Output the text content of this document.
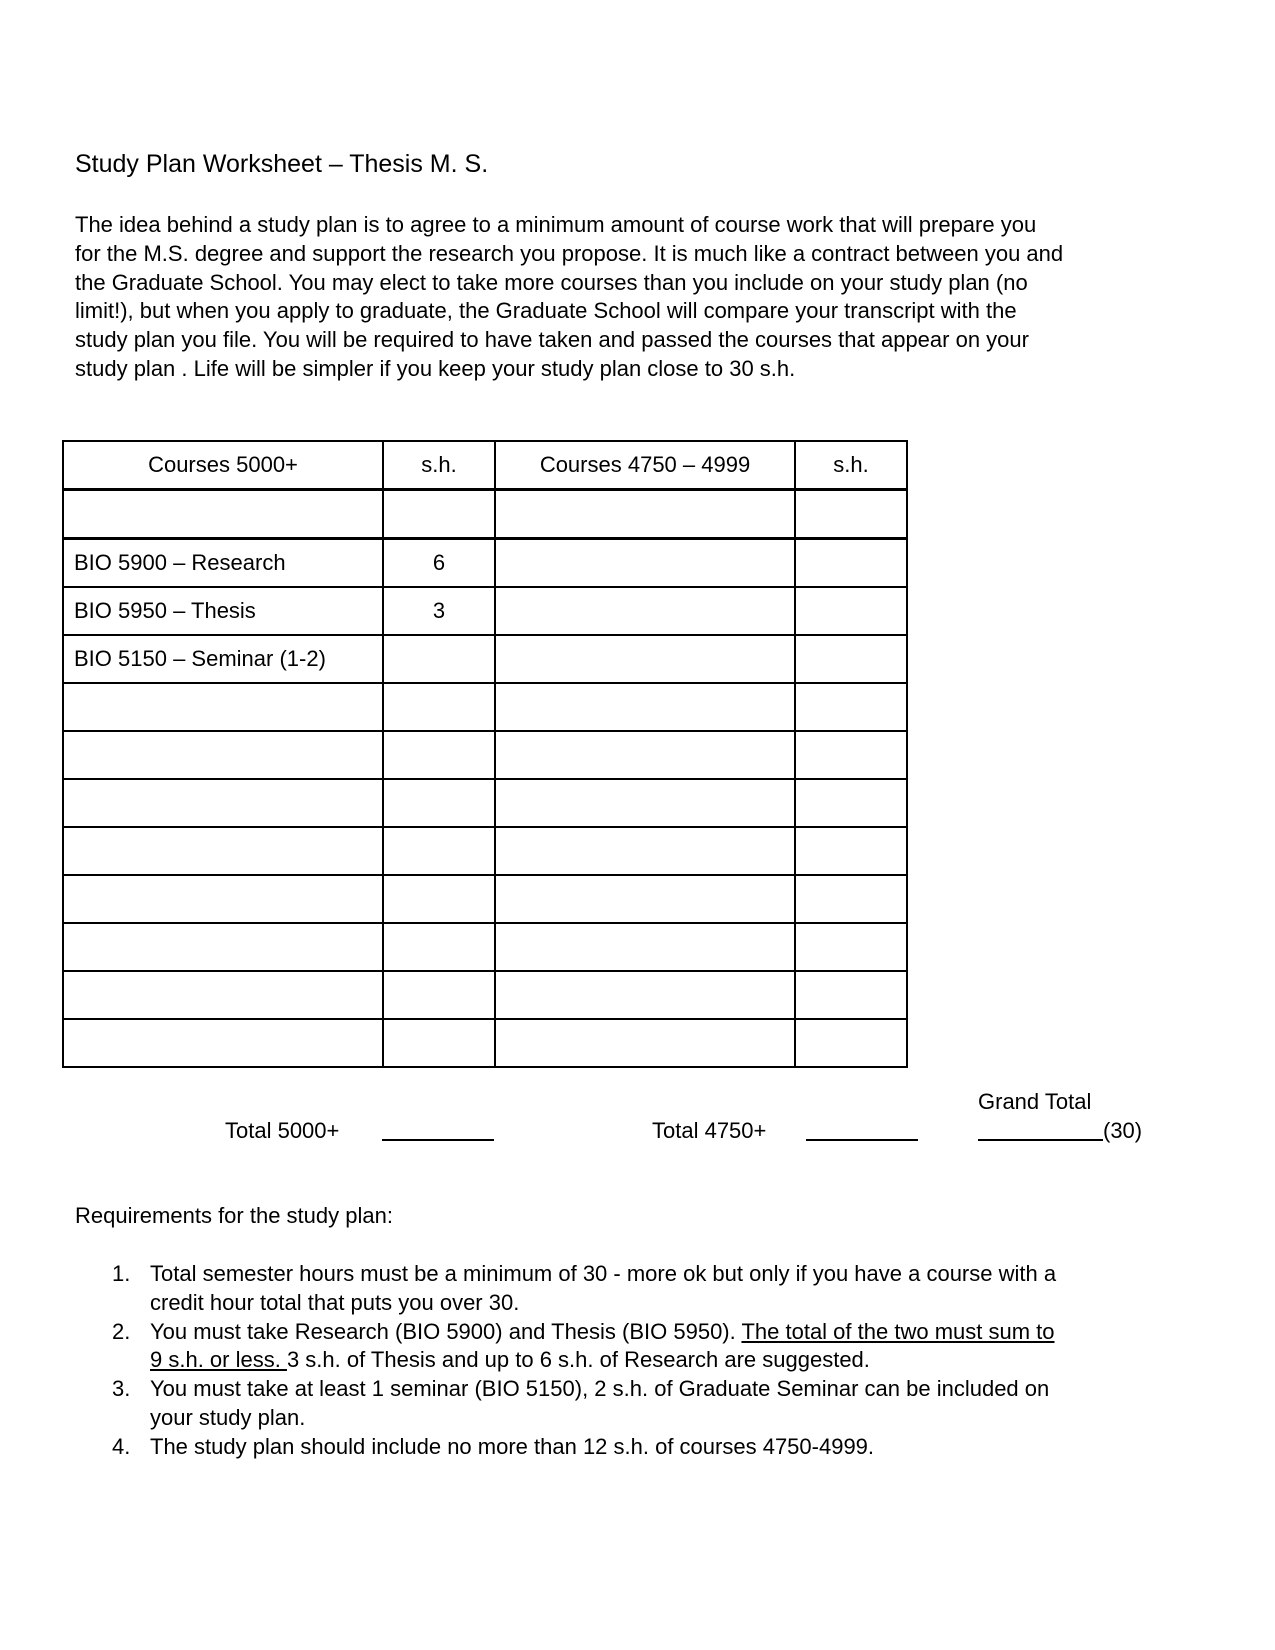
Study Plan Worksheet – Thesis M. S.
The idea behind a study plan is to agree to a minimum amount of course work that will prepare you
for the M.S. degree and support the research you propose. It is much like a contract between you and
the Graduate School. You may elect to take more courses than you include on your study plan (no
limit!), but when you apply to graduate, the Graduate School will compare your transcript with the
study plan you file. You will be required to have taken and passed the courses that appear on your
study plan . Life will be simpler if you keep your study plan close to 30 s.h.
Courses 5000+	s.h.	Courses 4750 – 4999	s.h.

BIO 5900 – Research	6		
BIO 5950 – Thesis	3		
BIO 5150 – Seminar (1-2)			

Total 5000+	Total 4750+
Grand Total
(30)
Requirements for the study plan:
1. Total semester hours must be a minimum of 30 - more ok but only if you have a course with a
credit hour total that puts you over 30.
2. You must take Research (BIO 5900) and Thesis (BIO 5950). The total of the two must sum to
9 s.h. or less. 3 s.h. of Thesis and up to 6 s.h. of Research are suggested.
3. You must take at least 1 seminar (BIO 5150), 2 s.h. of Graduate Seminar can be included on
your study plan.
4. The study plan should include no more than 12 s.h. of courses 4750-4999.
